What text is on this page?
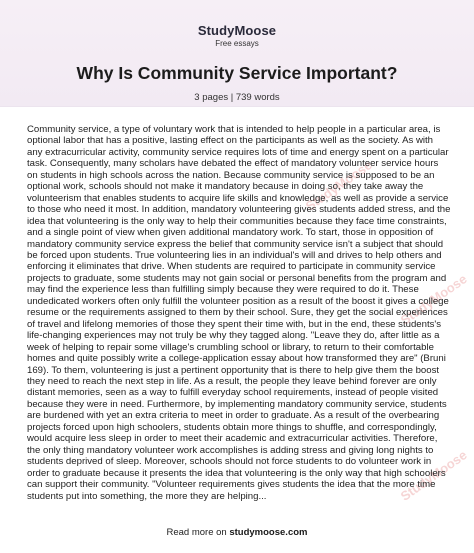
StudyMoose
Free essays
Why Is Community Service Important?
3 pages | 739 words
StudyMoose
StudyMoose
StudyMoose
Community service, a type of voluntary work that is intended to help people in a particular area, is optional labor that has a positive, lasting effect on the participants as well as the society. As with any extracurricular activity, community service requires lots of time and energy spent on a particular task. Consequently, many scholars have debated the effect of mandatory volunteer service hours on students in high schools across the nation. Because community service is supposed to be an optional work, schools should not make it mandatory because in doing so, they take away the volunteerism that enables students to acquire life skills and knowledge, as well as provide a service to those who need it most. In addition, mandatory volunteering gives students added stress, and the idea that volunteering is the only way to help their communities because they face time constraints, and a single point of view when given additional mandatory work. To start, those in opposition of mandatory community service express the belief that community service isn't a subject that should be forced upon students. True volunteering lies in an individual's will and drives to help others and enforcing it eliminates that drive. When students are required to participate in community service projects to graduate, some students may not gain social or personal benefits from the program and may find the experience less than fulfilling simply because they were required to do it. These undedicated workers often only fulfill the volunteer position as a result of the boost it gives a college resume or the requirements assigned to them by their school. Sure, they get the social experiences of travel and lifelong memories of those they spent their time with, but in the end, these students's life-changing experiences may not truly be why they tagged along. "Leave they do, after little as a week of helping to repair some village's crumbling school or library, to return to their comfortable homes and quite possibly write a college-application essay about how transformed they are" (Bruni 169). To them, volunteering is just a pertinent opportunity that is there to help give them the boost they need to reach the next step in life. As a result, the people they leave behind forever are only distant memories, seen as a way to fulfill everyday school requirements, instead of people visited because they were in need. Furthermore, by implementing mandatory community service, students are burdened with yet an extra criteria to meet in order to graduate. As a result of the overbearing projects forced upon high schoolers, students obtain more things to shuffle, and correspondingly, would acquire less sleep in order to meet their academic and extracurricular activities. Therefore, the only thing mandatory volunteer work accomplishes is adding stress and giving long nights to students deprived of sleep. Moreover, schools should not force students to do volunteer work in order to graduate because it presents the idea that volunteering is the only way that high schoolers can support their community. "Volunteer requirements gives students the idea that the more time students put into something, the more they are helping...
Read more on studymoose.com
